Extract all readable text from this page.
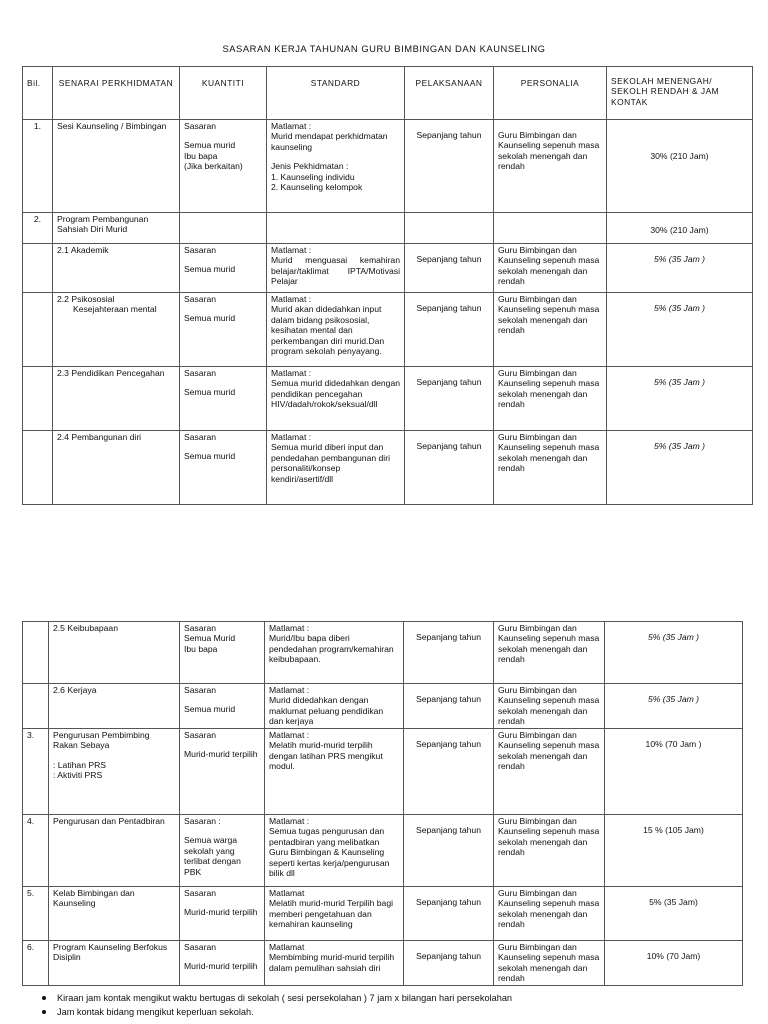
SASARAN KERJA TAHUNAN GURU BIMBINGAN DAN KAUNSELING
Bil.	SENARAI PERKHIDMATAN	KUANTITI	STANDARD	PELAKSANAAN	PERSONALIA	SEKOLAH MENENGAH/ SEKOLH RENDAH & JAM KONTAK
1.	Sesi Kaunseling / Bimbingan	Sasaran
Semua murid
Ibu bapa
(Jika berkaitan)	Matlamat :
Murid mendapat perkhidmatan kaunseling
Jenis Pekhidmatan :
1. Kaunseling individu
2. Kaunseling kelompok	Sepanjang tahun	Guru Bimbingan dan Kaunseling sepenuh masa sekolah menengah dan rendah	30% (210 Jam)
2.	Program Pembangunan Sahsiah Diri Murid					30% (210 Jam)
	2.1 Akademik	Sasaran
Semua murid	Matlamat :
Murid menguasai kemahiran belajar/taklimat IPTA/Motivasi Pelajar	Sepanjang tahun	Guru Bimbingan dan Kaunseling sepenuh masa sekolah menengah dan rendah	5% (35 Jam )

	2.2 Psikososial
Kesejahteraan mental	Sasaran
Semua murid	Matlamat :
Murid akan didedahkan input dalam bidang psikososial, kesihatan mental dan perkembangan diri murid.Dan program sekolah penyayang.	Sepanjang tahun	Guru Bimbingan dan Kaunseling sepenuh masa sekolah menengah dan rendah	5% (35 Jam )
	2.3 Pendidikan Pencegahan	Sasaran
Semua murid	Matlamat :
Semua murid didedahkan dengan pendidikan pencegahan HIV/dadah/rokok/seksual/dll	Sepanjang tahun	Guru Bimbingan dan Kaunseling sepenuh masa sekolah menengah dan rendah	5% (35 Jam )
	2.4 Pembangunan diri	Sasaran
Semua murid	Matlamat :
Semua murid diberi input dan pendedahan pembangunan diri personaliti/konsep kendiri/asertif/dll	Sepanjang tahun	Guru Bimbingan dan Kaunseling sepenuh masa sekolah menengah dan rendah	5% (35 Jam )
	2.5 Keibubapaan	Sasaran
Semua Murid
Ibu bapa	Matlamat :
Murid/Ibu bapa diberi pendedahan program/kemahiran keibubapaan.	Sepanjang tahun	Guru Bimbingan dan Kaunseling sepenuh masa sekolah menengah dan rendah	5% (35 Jam )
	2.6 Kerjaya	Sasaran
Semua murid	Matlamat :
Murid didedahkan dengan maklumat peluang pendidikan dan kerjaya	Sepanjang tahun	Guru Bimbingan dan Kaunseling sepenuh masa sekolah menengah dan rendah	5% (35 Jam )
3.	Pengurusan Pembimbing Rakan Sebaya
: Latihan PRS
: Aktiviti PRS	Sasaran
Murid-murid terpilih	Matlamat :
Melatih murid-murid terpilih dengan latihan PRS mengikut modul.	Sepanjang tahun	Guru Bimbingan dan Kaunseling sepenuh masa sekolah menengah dan rendah	10% (70 Jam )
4.	Pengurusan dan Pentadbiran	Sasaran :
Semua warga sekolah yang terlibat dengan PBK	Matlamat :
Semua tugas pengurusan dan pentadbiran yang melibatkan Guru Bimbingan & Kaunseling seperti kertas kerja/pengurusan bilik dll	Sepanjang tahun	Guru Bimbingan dan Kaunseling sepenuh masa sekolah menengah dan rendah	15 % (105 Jam)
5.	Kelab Bimbingan dan Kaunseling	Sasaran
Murid-murid terpilih	Matlamat
Melatih murid-murid Terpilih bagi memberi pengetahuan dan kemahiran kaunseling	Sepanjang tahun	Guru Bimbingan dan Kaunseling sepenuh masa sekolah menengah dan rendah	5% (35 Jam)
6.	Program Kaunseling Berfokus Disiplin	Sasaran
Murid-murid terpilih	Matlamat
Membimbing murid-murid terpilih dalam pemulihan sahsiah diri	Sepanjang tahun	Guru Bimbingan dan Kaunseling sepenuh masa sekolah menengah dan rendah	10% (70 Jam)
Kiraan jam kontak mengikut waktu bertugas di sekolah ( sesi persekolahan ) 7 jam x bilangan hari persekolahan
Jam kontak bidang mengikut keperluan sekolah.
